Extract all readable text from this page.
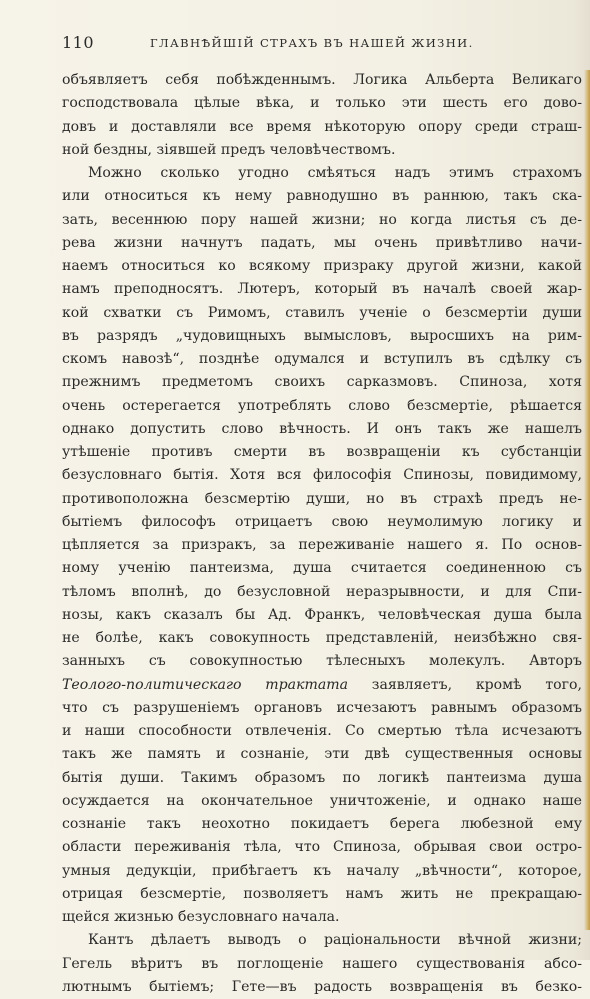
110	ГЛАВНѢЙШІЙ СТРАХЪ ВЪ НАШЕЙ ЖИЗНИ.
объявляетъ себя побѣжденнымъ. Логика Альберта Великаго
господствовала цѣлые вѣка, и только эти шесть его дово-
довъ и доставляли все время нѣкоторую опору среди страш-
ной бездны, зіявшей предъ человѣчествомъ.
Можно сколько угодно смѣяться надъ этимъ страхомъ
или относиться къ нему равнодушно въ раннюю, такъ ска-
зать, весеннюю пору нашей жизни; но когда листья съ де-
рева жизни начнутъ падать, мы очень привѣтливо начи-
наемъ относиться ко всякому призраку другой жизни, какой
намъ преподносятъ. Лютеръ, который въ началѣ своей жар-
кой схватки съ Римомъ, ставилъ ученіе о безсмертіи души
въ разрядъ „чудовищныхъ вымысловъ, выросшихъ на рим-
скомъ навозѣ“, позднѣе одумался и вступилъ въ сдѣлку съ
прежнимъ предметомъ своихъ сарказмовъ. Спиноза, хотя
очень остерегается употреблять слово безсмертіе, рѣшается
однако допустить слово вѣчность. И онъ такъ же нашелъ
утѣшеніе противъ смерти въ возвращеніи къ субстанціи
безусловнаго бытія. Хотя вся философія Спинозы, повидимому,
противоположна безсмертію души, но въ страхѣ предъ не-
бытіемъ философъ отрицаетъ свою неумолимую логику и
цѣпляется за призракъ, за переживаніе нашего я. По основ-
ному ученію пантеизма, душа считается соединенною съ
тѣломъ вполнѣ, до безусловной неразрывности, и для Спи-
нозы, какъ сказалъ бы Ад. Франкъ, человѣческая душа была
не болѣе, какъ совокупность представленій, неизбѣжно свя-
занныхъ съ совокупностью тѣлесныхъ молекулъ. Авторъ
Теолого-политическаго трактата заявляетъ, кромѣ того,
что съ разрушеніемъ органовъ исчезаютъ равнымъ образомъ
и наши способности отвлеченія. Со смертью тѣла исчезаютъ
такъ же память и сознаніе, эти двѣ существенныя основы
бытія души. Такимъ образомъ по логикѣ пантеизма душа
осуждается на окончательное уничтоженіе, и однако наше
сознаніе такъ неохотно покидаетъ берега любезной ему
области переживанія тѣла, что Спиноза, обрывая свои остро-
умныя дедукціи, прибѣгаетъ къ началу „вѣчности“, которое,
отрицая безсмертіе, позволяетъ намъ жить не прекращаю-
щейся жизнью безусловнаго начала.
Кантъ дѣлаетъ выводъ о раціональности вѣчной жизни;
Гегель вѣритъ въ поглощеніе нашего существованія абсо-
лютнымъ бытіемъ; Гете—въ радость возвращенія въ безко-
